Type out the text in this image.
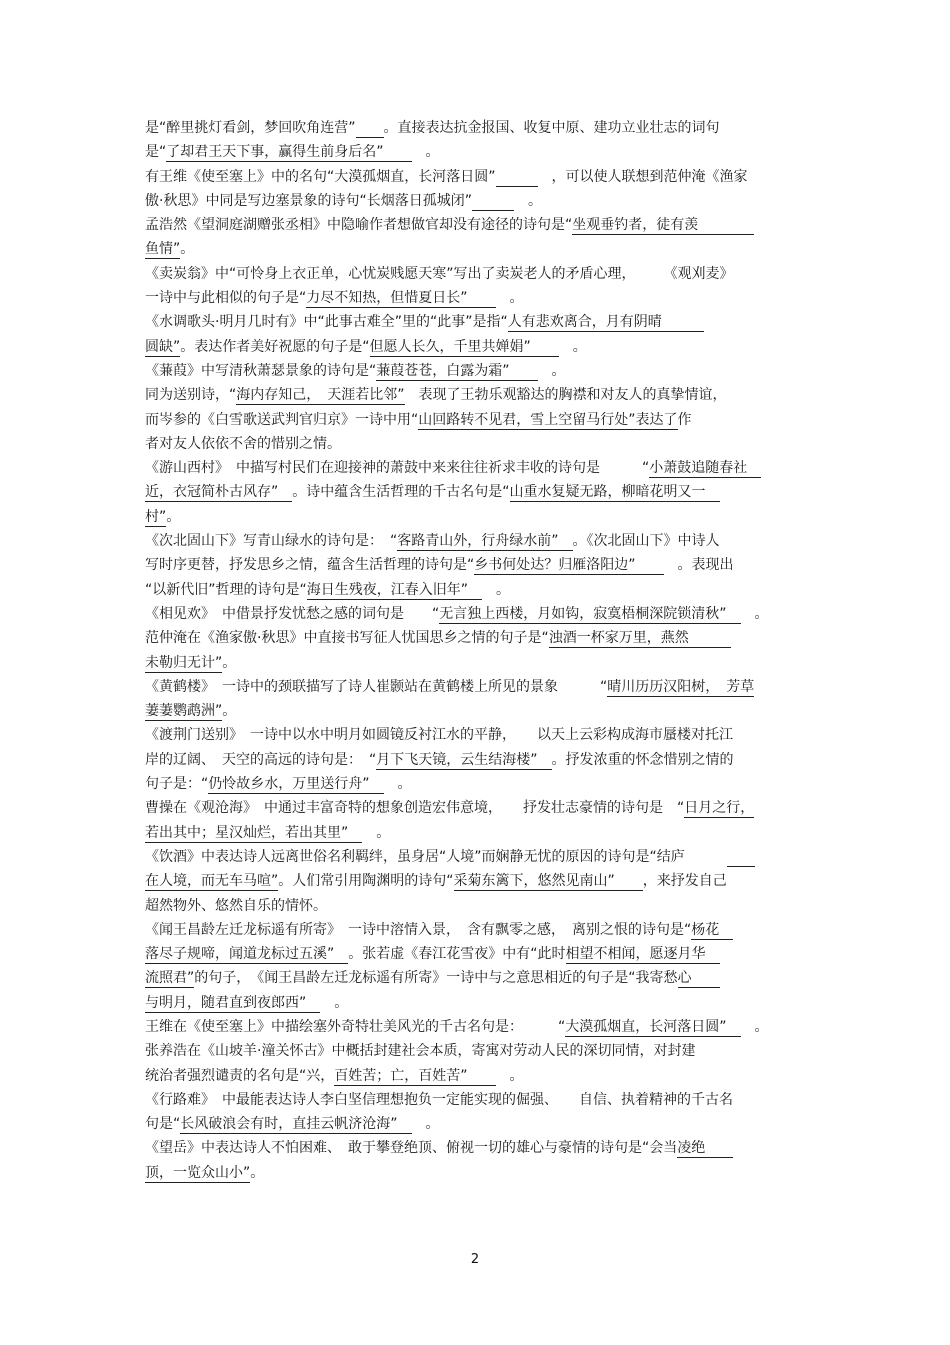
是“醉里挑灯看剑，梦回吹角连营”　　 。直接表达抗金报国、收复中原、建功立业壮志的词句
是“了却君王天下事，赢得生前身后名”　　　。
有王维《使至塞上》中的名句“大漠孤烟直，长河落日圆”　　　	　，可以使人联想到范仲淹《渔家
傲·秋思》中同是写边塞景象的诗句“长烟落日孤城闭”　　　	　。
孟浩然《望洞庭湖赠张丞相》中隐喻作者想做官却没有途径的诗句是“坐观垂钓者，徒有羡　　　　
鱼情”。
《卖炭翁》中“可怜身上衣正单，心忧炭贱愿天寒”写出了卖炭老人的矛盾心理，　　　《观刈麦》
一诗中与此相似的句子是“力尽不知热，但惜夏日长”　　　。
《水调歌头·明月几时有》中“此事古难全”里的“此事”是指“人有悲欢离合，月有阴晴　　　
圆缺”。表达作者美好祝愿的句子是“但愿人长久，千里共婵娟”　　　。
《蒹葭》中写清秋萧瑟景象的诗句是“蒹葭苍苍，白露为霜”　　　。
同为送别诗，“海内存知己，　天涯若比邻”　表现了王勃乐观豁达的胸襟和对友人的真挚情谊，
而岑参的《白雪歌送武判官归京》一诗中用“山回路转不见君，雪上空留马行处”表达了作
者对友人依依不舍的惜别之情。
《游山西村》　中描写村民们在迎接神的萧鼓中来来往往祈求丰收的诗句是　　　“小萧鼓追随春社　
近，衣冠简朴古风存”　 。诗中蕴含生活哲理的千古名句是“山重水复疑无路，柳暗花明又一　
村”。
《次北固山下》写青山绿水的诗句是：　“客路青山外，行舟绿水前”　 。《次北固山下》中诗人
写时序更替，抒发思乡之情，蕴含生活哲理的诗句是“乡书何处达？归雁洛阳边”　　　。表现出
“以新代旧”哲理的诗句是“海日生残夜，江春入旧年”　　。
《相见欢》　中借景抒发忧愁之感的词句是　　“无言独上西楼，月如钩，寂寞梧桐深院锁清秋”　　。
范仲淹在《渔家傲·秋思》中直接书写征人忧国思乡之情的句子是“浊酒一杯家万里，燕然　　　
未勒归无计”。
《黄鹤楼》　一诗中的颈联描写了诗人崔颢站在黄鹤楼上所见的景象　　　“晴川历历汉阳树，　芳草
萋萋鹦鹉洲”。
《渡荆门送别》　一诗中以水中明月如圆镜反衬江水的平静，　　以天上云彩构成海市蜃楼对托江
岸的辽阔、　天空的高远的诗句是：　“月下飞天镜，云生结海楼”　 。抒发浓重的怀念惜别之情的
句子是：“仍怜故乡水，万里送行舟”　　。
曹操在《观沧海》　中通过丰富奇特的想象创造宏伟意境，　　抒发壮志豪情的诗句是　“日月之行，
若出其中；星汉灿烂，若出其里”　　。
《饮酒》中表达诗人远离世俗名利羁绊，虽身居“人境”而娴静无忧的原因的诗句是“结庐　　　　　
在人境，而无车马喧”。人们常引用陶渊明的诗句“采菊东篱下，悠然见南山”　　 ，来抒发自己
超然物外、悠然自乐的情怀。
《闻王昌龄左迁龙标遥有所寄》　一诗中溶情入景，　含有飘零之感，　离别之恨的诗句是“杨花　
落尽子规啼，闻道龙标过五溪”　 。张若虚《春江花雪夜》中有“此时相望不相闻，愿逐月华　
流照君”的句子，　《闻王昌龄左迁龙标遥有所寄》一诗中与之意思相近的句子是“我寄愁心　　
与明月，随君直到夜郎西”　　。
王维在《使至塞上》中描绘塞外奇特壮美风光的千古名句是：　　　“大漠孤烟直，长河落日圆”　　。
张养浩在《山坡羊·潼关怀古》中概括封建社会本质，寄寓对劳动人民的深切同情，对封建
统治者强烈谴责的名句是“兴，百姓苦；亡，百姓苦”　　　。
《行路难》　中最能表达诗人李白坚信理想抱负一定能实现的倔强、　　自信、执着精神的千古名
句是“长风破浪会有时，直挂云帆济沧海”　　。
《望岳》中表达诗人不怕困难、　敢于攀登绝顶、俯视一切的雄心与豪情的诗句是“会当凌绝　　
顶，一览众山小”。
2
